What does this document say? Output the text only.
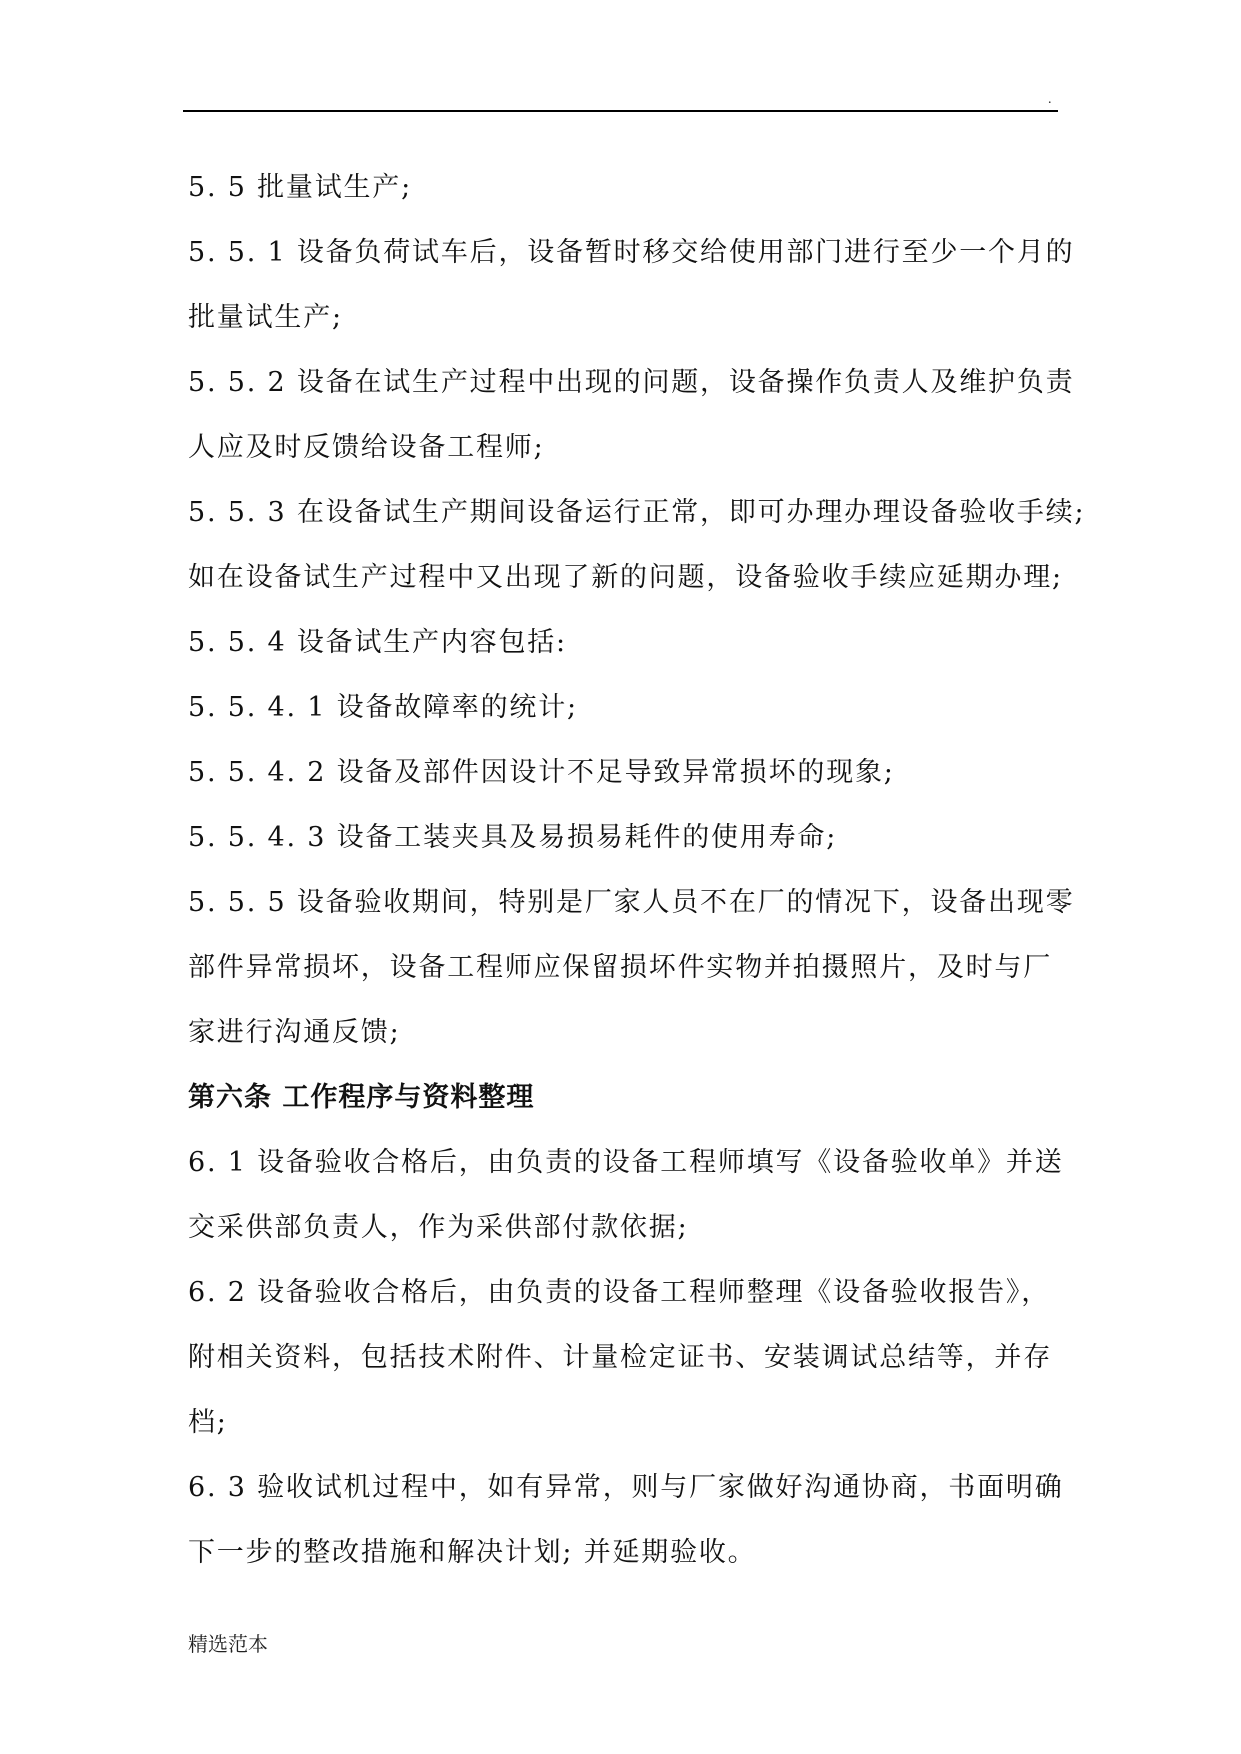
.
5. 5 批量试生产;
5. 5. 1 设备负荷试车后，设备暂时移交给使用部门进行至少一个月的
批量试生产;
5. 5. 2 设备在试生产过程中出现的问题，设备操作负责人及维护负责
人应及时反馈给设备工程师;
5. 5. 3 在设备试生产期间设备运行正常，即可办理办理设备验收手续;
如在设备试生产过程中又出现了新的问题，设备验收手续应延期办理;
5. 5. 4 设备试生产内容包括:
5. 5. 4. 1 设备故障率的统计;
5. 5. 4. 2 设备及部件因设计不足导致异常损坏的现象;
5. 5. 4. 3 设备工装夹具及易损易耗件的使用寿命;
5. 5. 5 设备验收期间，特别是厂家人员不在厂的情况下，设备出现零
部件异常损坏，设备工程师应保留损坏件实物并拍摄照片，及时与厂
家进行沟通反馈;
第六条 工作程序与资料整理
6. 1 设备验收合格后，由负责的设备工程师填写《设备验收单》并送
交采供部负责人，作为采供部付款依据;
6. 2 设备验收合格后，由负责的设备工程师整理《设备验收报告》，
附相关资料，包括技术附件、计量检定证书、安装调试总结等，并存
档;
6. 3 验收试机过程中，如有异常，则与厂家做好沟通协商，书面明确
下一步的整改措施和解决计划; 并延期验收。
精选范本
